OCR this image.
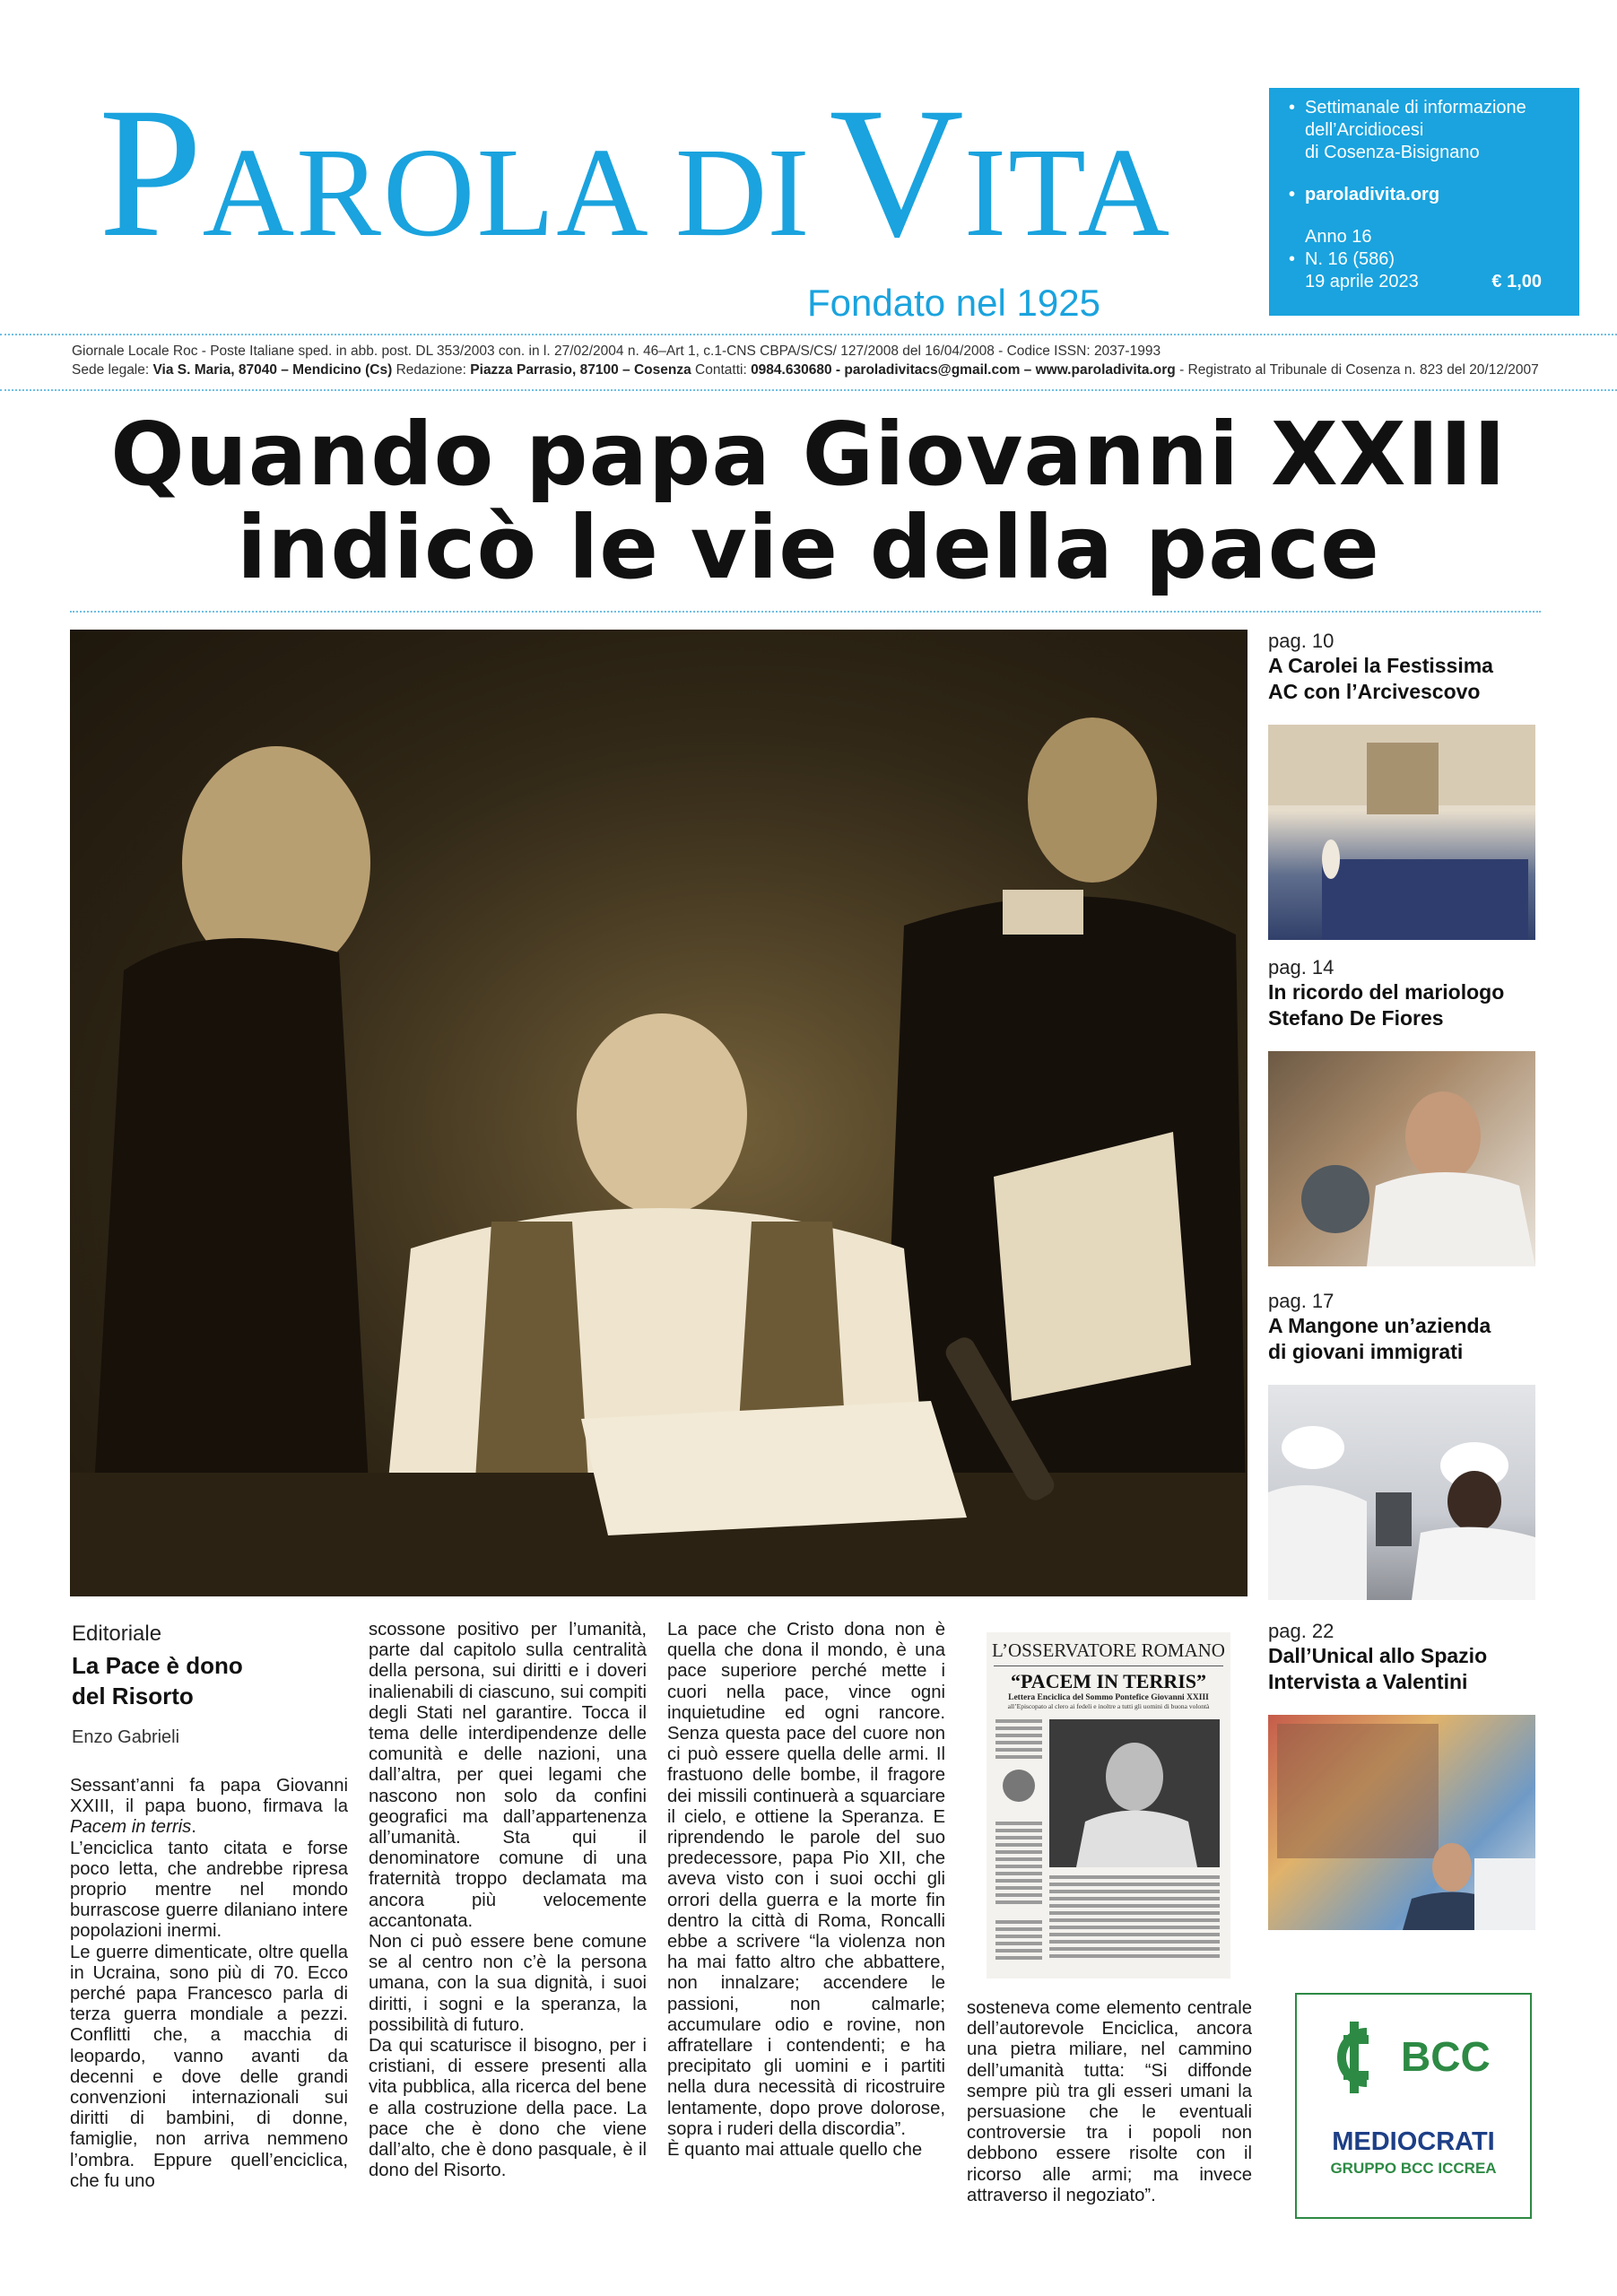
PAROLA DI VITA
Fondato nel 1925
• Settimanale di informazione
dell’Arcidiocesi
di Cosenza-Bisignano
• paroladivita.org
Anno 16
• N. 16 (586)
19 aprile 2023	€ 1,00
Giornale Locale Roc - Poste Italiane sped. in abb. post. DL 353/2003 con. in l. 27/02/2004 n. 46–Art 1, c.1-CNS CBPA/S/CS/ 127/2008 del 16/04/2008 - Codice ISSN: 2037-1993
Sede legale: Via S. Maria, 87040 – Mendicino (Cs) Redazione: Piazza Parrasio, 87100 – Cosenza Contatti: 0984.630680 - paroladivitacs@gmail.com – www.paroladivita.org - Registrato al Tribunale di Cosenza n. 823 del 20/12/2007
Quando papa Giovanni XXIII
indicò le vie della pace
pag. 10
A Carolei la Festissima
AC con l’Arcivescovo
pag. 14
In ricordo del mariologo
Stefano De Fiores
pag. 17
A Mangone un’azienda
di giovani immigrati
pag. 22
Dall’Unical allo Spazio
Intervista a Valentini
Editoriale
La Pace è dono
del Risorto
Enzo Gabrieli

Sessant’anni fa papa Giovanni XXIII, il papa buono, firmava la Pacem in terris.

L’enciclica tanto citata e forse poco letta, che andrebbe ripresa proprio mentre nel mondo burrascose guerre dilaniano intere popolazioni inermi.

Le guerre dimenticate, oltre quella in Ucraina, sono più di 70. Ecco perché papa Francesco parla di terza guerra mondiale a pezzi. Conflitti che, a macchia di leopardo, vanno avanti da decenni e dove delle grandi convenzioni internazionali sui diritti di bambini, di donne, famiglie, non arriva nemmeno l’ombra. Eppure quell’enciclica, che fu uno

scossone positivo per l’umanità, parte dal capitolo sulla centralità della persona, sui diritti e i doveri inalienabili di ciascuno, sui compiti degli Stati nel garantire. Tocca il tema delle interdipendenze delle comunità e delle nazioni, una dall’altra, per quei legami che nascono non solo da confini geografici ma dall’appartenenza all’umanità. Sta qui il denominatore comune di una fraternità troppo declamata ma ancora più velocemente accantonata.

Non ci può essere bene comune se al centro non c’è la persona umana, con la sua dignità, i suoi diritti, i sogni e la speranza, la possibilità di futuro.

Da qui scaturisce il bisogno, per i cristiani, di essere presenti alla vita pubblica, alla ricerca del bene e alla costruzione della pace. La pace che è dono che viene dall’alto, che è dono pasquale, è il dono del Risorto.

La pace che Cristo dona non è quella che dona il mondo, è una pace superiore perché mette i cuori nella pace, vince ogni inquietudine ed ogni rancore. Senza questa pace del cuore non ci può essere quella delle armi. Il frastuono delle bombe, il fragore dei missili continuerà a squarciare il cielo, e ottiene la Speranza. E riprendendo le parole del suo predecessore, papa Pio XII, che aveva visto con i suoi occhi gli orrori della guerra e la morte fin dentro la città di Roma, Roncalli ebbe a scrivere “la violenza non ha mai fatto altro che abbattere, non innalzare; accendere le passioni, non calmarle; accumulare odio e rovine, non affratellare i contendenti; e ha precipitato gli uomini e i partiti nella dura necessità di ricostruire lentamente, dopo prove dolorose, sopra i ruderi della discordia”.

È quanto mai attuale quello che

L’OSSERVATORE ROMANO
“PACEM IN TERRIS”
Lettera Enciclica del Sommo Pontefice Giovanni XXIII
all’Episcopato al clero ai fedeli e inoltre a tutti gli uomini di buona volontà

sosteneva come elemento centrale dell’autorevole Enciclica, ancora una pietra miliare, nel cammino dell’umanità tutta: “Si diffonde sempre più tra gli esseri umani la persuasione che le eventuali controversie tra i popoli non debbono essere risolte con il ricorso alle armi; ma invece attraverso il negoziato”.

BCC
MEDIOCRATI
GRUPPO BCC ICCREA
